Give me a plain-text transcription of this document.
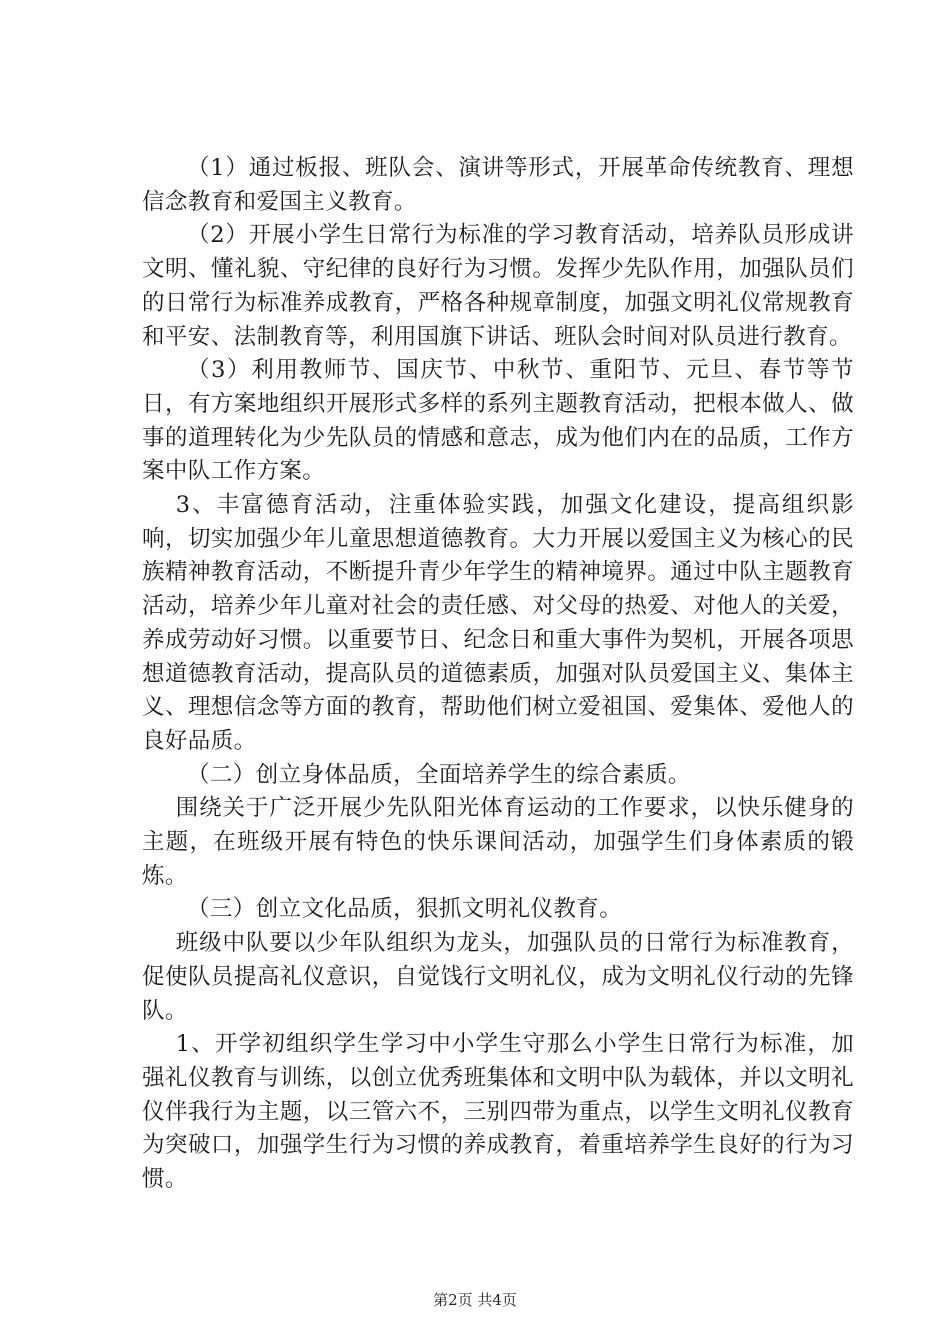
（1）通过板报、班队会、演讲等形式，开展革命传统教育、理想信念教育和爱国主义教育。

（2）开展小学生日常行为标准的学习教育活动，培养队员形成讲文明、懂礼貌、守纪律的良好行为习惯。发挥少先队作用，加强队员们的日常行为标准养成教育，严格各种规章制度，加强文明礼仪常规教育和平安、法制教育等，利用国旗下讲话、班队会时间对队员进行教育。

（3）利用教师节、国庆节、中秋节、重阳节、元旦、春节等节日，有方案地组织开展形式多样的系列主题教育活动，把根本做人、做事的道理转化为少先队员的情感和意志，成为他们内在的品质，工作方案中队工作方案。

3、丰富德育活动，注重体验实践，加强文化建设，提高组织影响，切实加强少年儿童思想道德教育。大力开展以爱国主义为核心的民族精神教育活动，不断提升青少年学生的精神境界。通过中队主题教育活动，培养少年儿童对社会的责任感、对父母的热爱、对他人的关爱，养成劳动好习惯。以重要节日、纪念日和重大事件为契机，开展各项思想道德教育活动，提高队员的道德素质，加强对队员爱国主义、集体主义、理想信念等方面的教育，帮助他们树立爱祖国、爱集体、爱他人的良好品质。

（二）创立身体品质，全面培养学生的综合素质。

围绕关于广泛开展少先队阳光体育运动的工作要求，以快乐健身的主题，在班级开展有特色的快乐课间活动，加强学生们身体素质的锻炼。

（三）创立文化品质，狠抓文明礼仪教育。

班级中队要以少年队组织为龙头，加强队员的日常行为标准教育，促使队员提高礼仪意识，自觉饯行文明礼仪，成为文明礼仪行动的先锋队。

1、开学初组织学生学习中小学生守那么小学生日常行为标准，加强礼仪教育与训练，以创立优秀班集体和文明中队为载体，并以文明礼仪伴我行为主题，以三管六不，三别四带为重点，以学生文明礼仪教育为突破口，加强学生行为习惯的养成教育，着重培养学生良好的行为习惯。

第2页 共4页
